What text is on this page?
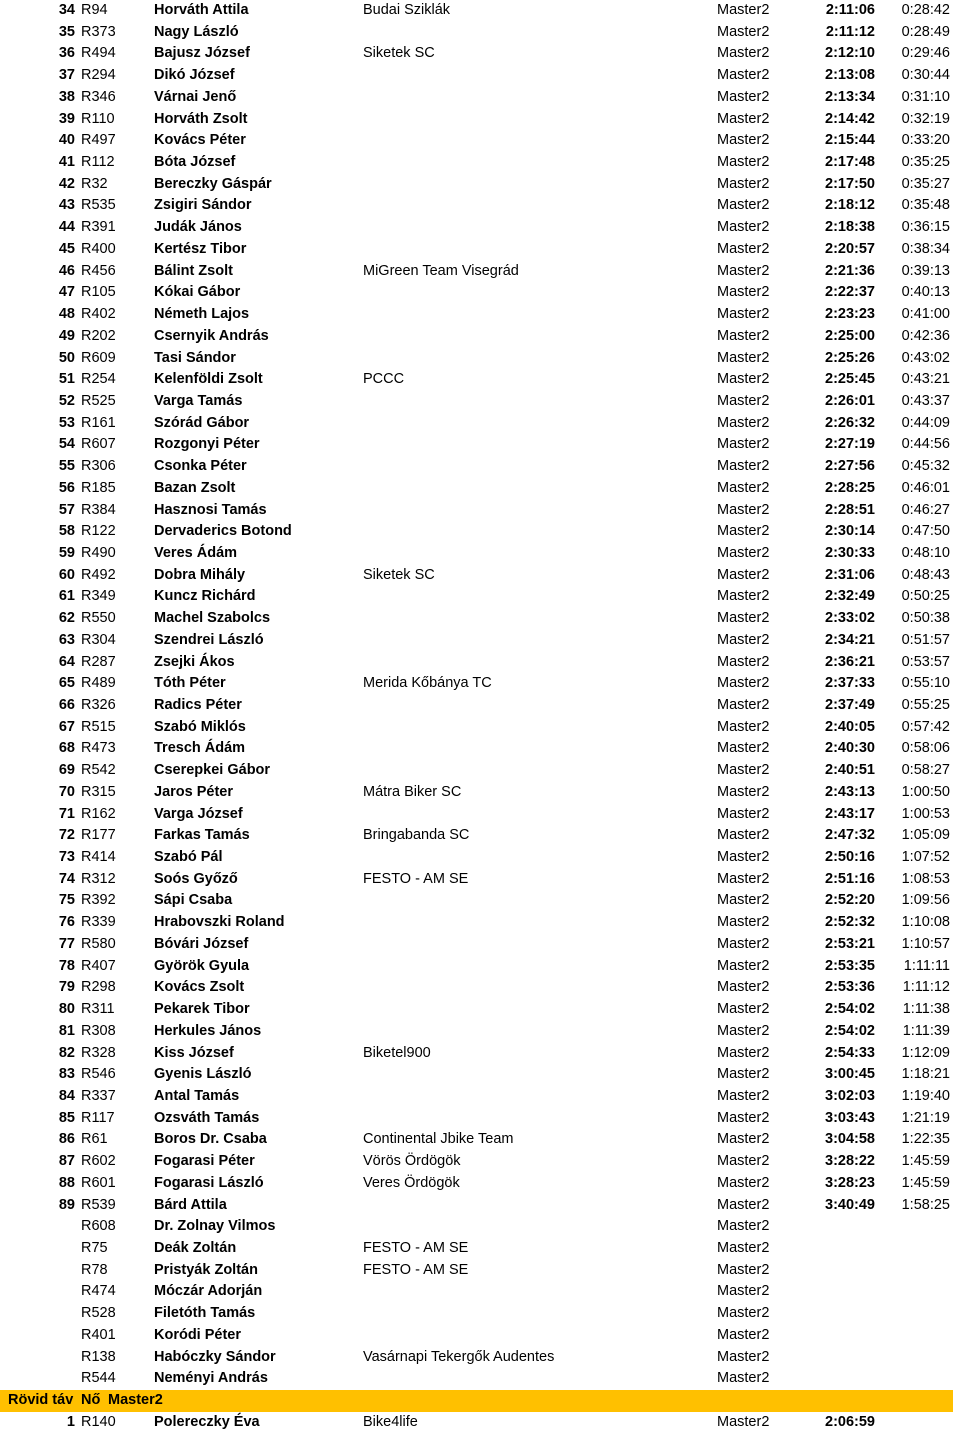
34 R94	Horváth Attila	Budai Sziklák	Master2	2:11:06	0:28:42
35 R373	Nagy László	Master2	2:11:12	0:28:49
36 R494	Bajusz József	Siketek SC	Master2	2:12:10	0:29:46
37 R294	Dikó József	Master2	2:13:08	0:30:44
38 R346	Várnai Jenő	Master2	2:13:34	0:31:10
39 R110	Horváth Zsolt	Master2	2:14:42	0:32:19
40 R497	Kovács Péter	Master2	2:15:44	0:33:20
41 R112	Bóta József	Master2	2:17:48	0:35:25
42 R32	Bereczky Gáspár	Master2	2:17:50	0:35:27
43 R535	Zsigiri Sándor	Master2	2:18:12	0:35:48
44 R391	Judák János	Master2	2:18:38	0:36:15
45 R400	Kertész Tibor	Master2	2:20:57	0:38:34
46 R456	Bálint Zsolt	MiGreen Team Visegrád	Master2	2:21:36	0:39:13
47 R105	Kókai Gábor	Master2	2:22:37	0:40:13
48 R402	Németh Lajos	Master2	2:23:23	0:41:00
49 R202	Csernyik András	Master2	2:25:00	0:42:36
50 R609	Tasi Sándor	Master2	2:25:26	0:43:02
51 R254	Kelenföldi Zsolt	PCCC	Master2	2:25:45	0:43:21
52 R525	Varga Tamás	Master2	2:26:01	0:43:37
53 R161	Szórád Gábor	Master2	2:26:32	0:44:09
54 R607	Rozgonyi Péter	Master2	2:27:19	0:44:56
55 R306	Csonka Péter	Master2	2:27:56	0:45:32
56 R185	Bazan Zsolt	Master2	2:28:25	0:46:01
57 R384	Hasznosi Tamás	Master2	2:28:51	0:46:27
58 R122	Dervaderics Botond	Master2	2:30:14	0:47:50
59 R490	Veres Ádám	Master2	2:30:33	0:48:10
60 R492	Dobra Mihály	Siketek SC	Master2	2:31:06	0:48:43
61 R349	Kuncz Richárd	Master2	2:32:49	0:50:25
62 R550	Machel Szabolcs	Master2	2:33:02	0:50:38
63 R304	Szendrei László	Master2	2:34:21	0:51:57
64 R287	Zsejki Ákos	Master2	2:36:21	0:53:57
65 R489	Tóth Péter	Merida Kőbánya TC	Master2	2:37:33	0:55:10
66 R326	Radics Péter	Master2	2:37:49	0:55:25
67 R515	Szabó Miklós	Master2	2:40:05	0:57:42
68 R473	Tresch Ádám	Master2	2:40:30	0:58:06
69 R542	Cserepkei Gábor	Master2	2:40:51	0:58:27
70 R315	Jaros Péter	Mátra Biker SC	Master2	2:43:13	1:00:50
71 R162	Varga József	Master2	2:43:17	1:00:53
72 R177	Farkas Tamás	Bringabanda SC	Master2	2:47:32	1:05:09
73 R414	Szabó Pál	Master2	2:50:16	1:07:52
74 R312	Soós Győző	FESTO - AM SE	Master2	2:51:16	1:08:53
75 R392	Sápi Csaba	Master2	2:52:20	1:09:56
76 R339	Hrabovszki Roland	Master2	2:52:32	1:10:08
77 R580	Bóvári József	Master2	2:53:21	1:10:57
78 R407	Györök Gyula	Master2	2:53:35	1:11:11
79 R298	Kovács Zsolt	Master2	2:53:36	1:11:12
80 R311	Pekarek Tibor	Master2	2:54:02	1:11:38
81 R308	Herkules János	Master2	2:54:02	1:11:39
82 R328	Kiss József	Biketel900	Master2	2:54:33	1:12:09
83 R546	Gyenis László	Master2	3:00:45	1:18:21
84 R337	Antal Tamás	Master2	3:02:03	1:19:40
85 R117	Ozsváth Tamás	Master2	3:03:43	1:21:19
86 R61	Boros Dr. Csaba	Continental Jbike Team	Master2	3:04:58	1:22:35
87 R602	Fogarasi Péter	Vörös Ördögök	Master2	3:28:22	1:45:59
88 R601	Fogarasi László	Veres Ördögök	Master2	3:28:23	1:45:59
89 R539	Bárd Attila	Master2	3:40:49	1:58:25
R608	Dr. Zolnay Vilmos	Master2
R75	Deák Zoltán	FESTO - AM SE	Master2
R78	Pristyák Zoltán	FESTO - AM SE	Master2
R474	Móczár Adorján	Master2
R528	Filetóth Tamás	Master2
R401	Koródi Péter	Master2
R138	Habóczky Sándor	Vasárnapi Tekergők Audentes	Master2
R544	Neményi András	Master2
Rövid táv Nő Master2
1 R140	Polereczky Éva	Bike4life	Master2	2:06:59
